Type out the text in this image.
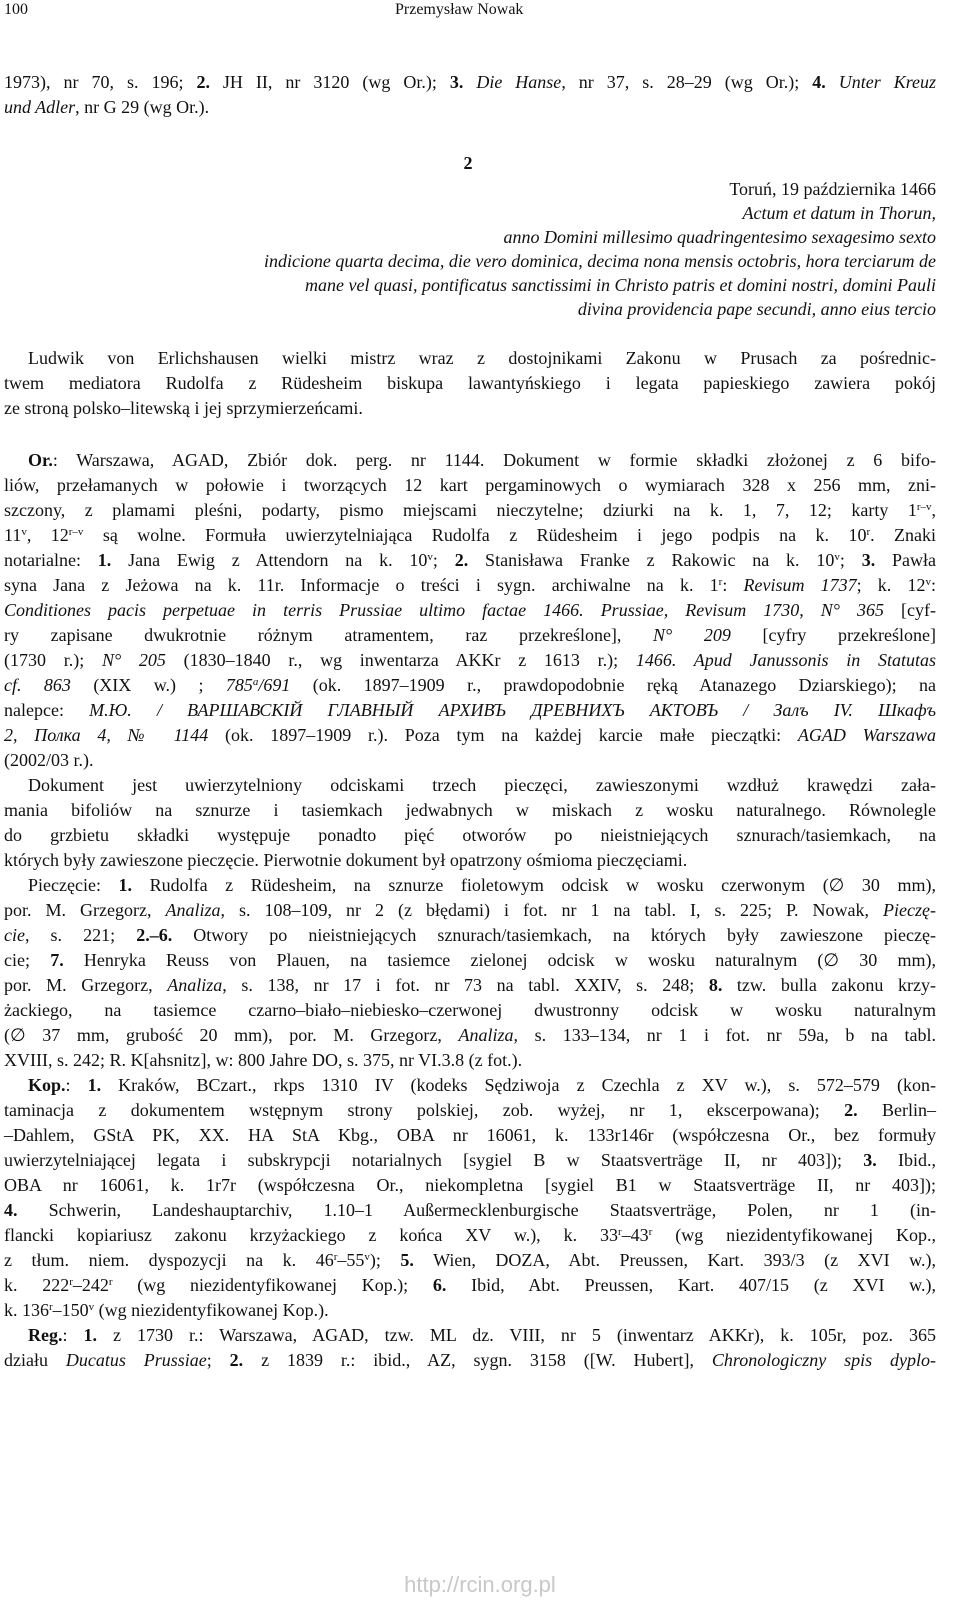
100	Przemysław Nowak
1973), nr 70, s. 196; 2. JH II, nr 3120 (wg Or.); 3. Die Hanse, nr 37, s. 28–29 (wg Or.); 4. Unter Kreuz
und Adler, nr G 29 (wg Or.).
2
Toruń, 19 października 1466
Actum et datum in Thorun,
anno Domini millesimo quadringentesimo sexagesimo sexto
indicione quarta decima, die vero dominica, decima nona mensis octobris, hora terciarum de
mane vel quasi, pontificatus sanctissimi in Christo patris et domini nostri, domini Pauli
divina providencia pape secundi, anno eius tercio
Ludwik von Erlichshausen wielki mistrz wraz z dostojnikami Zakonu w Prusach za pośrednic-
twem mediatora Rudolfa z Rüdesheim biskupa lawantyńskiego i legata papieskiego zawiera pokój
ze stroną polsko–litewską i jej sprzymierzeńcami.
Or.: Warszawa, AGAD, Zbiór dok. perg. nr 1144. Dokument w formie składki złożonej z 6 bifo-
liów, przełamanych w połowie i tworzących 12 kart pergaminowych o wymiarach 328 x 256 mm, zni-
szczony, z plamami pleśni, podarty, pismo miejscami nieczytelne; dziurki na k. 1, 7, 12; karty 1$^{r-v}$,
11$^v$, 12$^{r-v}$ są wolne. Formuła uwierzytelniająca Rudolfa z Rüdesheim i jego podpis na k. 10$^r$. Znaki
notarialne: 1. Jana Ewig z Attendorn na k. 10$^v$; 2. Stanisława Franke z Rakowic na k. 10$^v$; 3. Pawła
syna Jana z Jeżowa na k. 11r. Informacje o treści i sygn. archiwalne na k. 1$^r$: Revisum 1737; k. 12$^v$:
Conditiones pacis perpetuae in terris Prussiae ultimo factae 1466. Prussiae, Revisum 1730, N° 365 [cyf-
ry zapisane dwukrotnie różnym atramentem, raz przekreślone], N° 209 [cyfry przekreślone]
(1730 r.); N° 205 (1830–1840 r., wg inwentarza AKKr z 1613 r.); 1466. Apud Janussonis in Statutas
cf. 863 (XIX w.) ; 785$^a$/691 (ok. 1897–1909 r., prawdopodobnie ręką Atanazego Dziarskiego); na
nalepce: M.Ю. / ВАРШАВСКIЙ ГЛАВНЫЙ АРХИВЪ ДРЕВНИХЪ АКТОВЪ / Залъ IV. Шкафъ
2, Полка 4, № 1144 (ok. 1897–1909 r.). Poza tym na każdej karcie małe pieczątki: AGAD Warszawa
(2002/03 r.).
Dokument jest uwierzytelniony odciskami trzech pieczęci, zawieszonymi wzdłuż krawędzi zała-
mania bifoliów na sznurze i tasiemkach jedwabnych w miskach z wosku naturalnego. Równolegle
do grzbietu składki występuje ponadto pięć otworów po nieistniejących sznurach/tasiemkach, na
których były zawieszone pieczęcie. Pierwotnie dokument był opatrzony ośmioma pieczęciami.
Pieczęcie: 1. Rudolfa z Rüdesheim, na sznurze fioletowym odcisk w wosku czerwonym (∅ 30 mm),
por. M. Grzegorz, Analiza, s. 108–109, nr 2 (z błędami) i fot. nr 1 na tabl. I, s. 225; P. Nowak, Pieczę-
cie, s. 221; 2.–6. Otwory po nieistniejących sznurach/tasiemkach, na których były zawieszone pieczę-
cie; 7. Henryka Reuss von Plauen, na tasiemce zielonej odcisk w wosku naturalnym (∅ 30 mm),
por. M. Grzegorz, Analiza, s. 138, nr 17 i fot. nr 73 na tabl. XXIV, s. 248; 8. tzw. bulla zakonu krzy-
żackiego, na tasiemce czarno–biało–niebiesko–czerwonej dwustronny odcisk w wosku naturalnym
(∅ 37 mm, grubość 20 mm), por. M. Grzegorz, Analiza, s. 133–134, nr 1 i fot. nr 59a, b na tabl.
XVIII, s. 242; R. K[ahsnitz], w: 800 Jahre DO, s. 375, nr VI.3.8 (z fot.).
Kop.: 1. Kraków, BCzart., rkps 1310 IV (kodeks Sędziwoja z Czechla z XV w.), s. 572–579 (kon-
taminacja z dokumentem wstępnym strony polskiej, zob. wyżej, nr 1, ekscerpowana); 2. Berlin–
–Dahlem, GStA PK, XX. HA StA Kbg., OBA nr 16061, k. 133r146r (współczesna Or., bez formuły
uwierzytelniającej legata i subskrypcji notarialnych [sygiel B w Staatsverträge II, nr 403]); 3. Ibid.,
OBA nr 16061, k. 1r7r (współczesna Or., niekompletna [sygiel B1 w Staatsverträge II, nr 403]);
4. Schwerin, Landeshauptarchiv, 1.10–1 Außermecklenburgische Staatsverträge, Polen, nr 1 (in-
flancki kopiariusz zakonu krzyżackiego z końca XV w.), k. 33$^r$–43$^r$ (wg niezidentyfikowanej Kop.,
z tłum. niem. dyspozycji na k. 46$^r$–55$^v$); 5. Wien, DOZA, Abt. Preussen, Kart. 393/3 (z XVI w.),
k. 222$^r$–242$^r$ (wg niezidentyfikowanej Kop.); 6. Ibid, Abt. Preussen, Kart. 407/15 (z XVI w.),
k. 136$^r$–150$^v$ (wg niezidentyfikowanej Kop.).
Reg.: 1. z 1730 r.: Warszawa, AGAD, tzw. ML dz. VIII, nr 5 (inwentarz AKKr), k. 105r, poz. 365
działu Ducatus Prussiae; 2. z 1839 r.: ibid., AZ, sygn. 3158 ([W. Hubert], Chronologiczny spis dyplo-
http://rcin.org.pl
